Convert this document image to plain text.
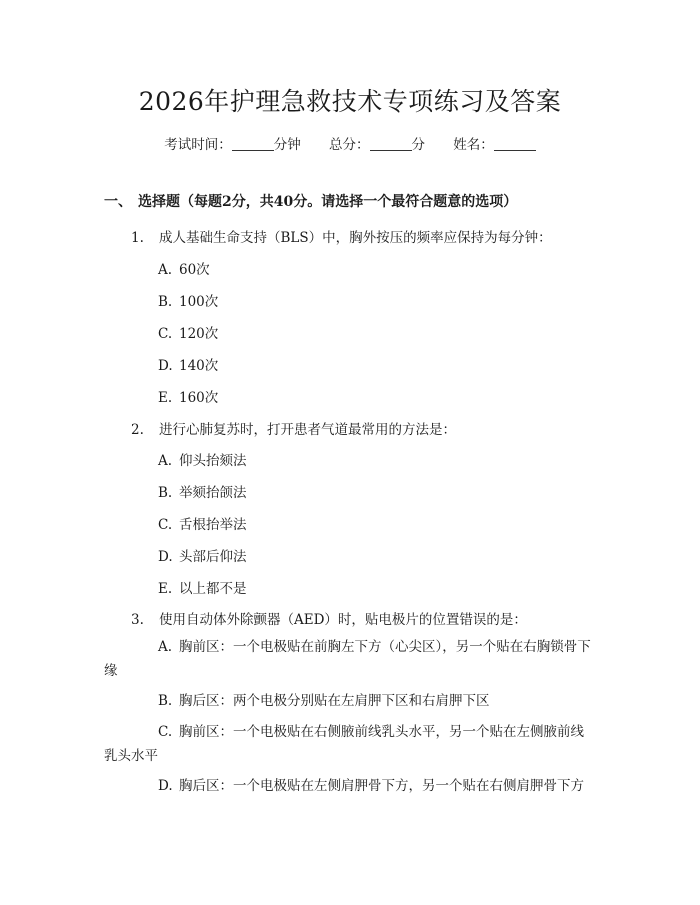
2026年护理急救技术专项练习及答案
考试时间：	分钟 总分：	分 姓名：
一、 选择题（每题2分，共40分。请选择一个最符合题意的选项）
1. 成人基础生命支持（BLS）中，胸外按压的频率应保持为每分钟：
A. 60次
B. 100次
C. 120次
D. 140次
E. 160次
2. 进行心肺复苏时，打开患者气道最常用的方法是：
A. 仰头抬颏法
B. 举颏抬颌法
C. 舌根抬举法
D. 头部后仰法
E. 以上都不是
3. 使用自动体外除颤器（AED）时，贴电极片的位置错误的是：
A. 胸前区：一个电极贴在前胸左下方（心尖区），另一个贴在右胸锁骨下缘
B. 胸后区：两个电极分别贴在左肩胛下区和右肩胛下区
C. 胸前区：一个电极贴在右侧腋前线乳头水平，另一个贴在左侧腋前线乳头水平
D. 胸后区：一个电极贴在左侧肩胛骨下方，另一个贴在右侧肩胛骨下方
